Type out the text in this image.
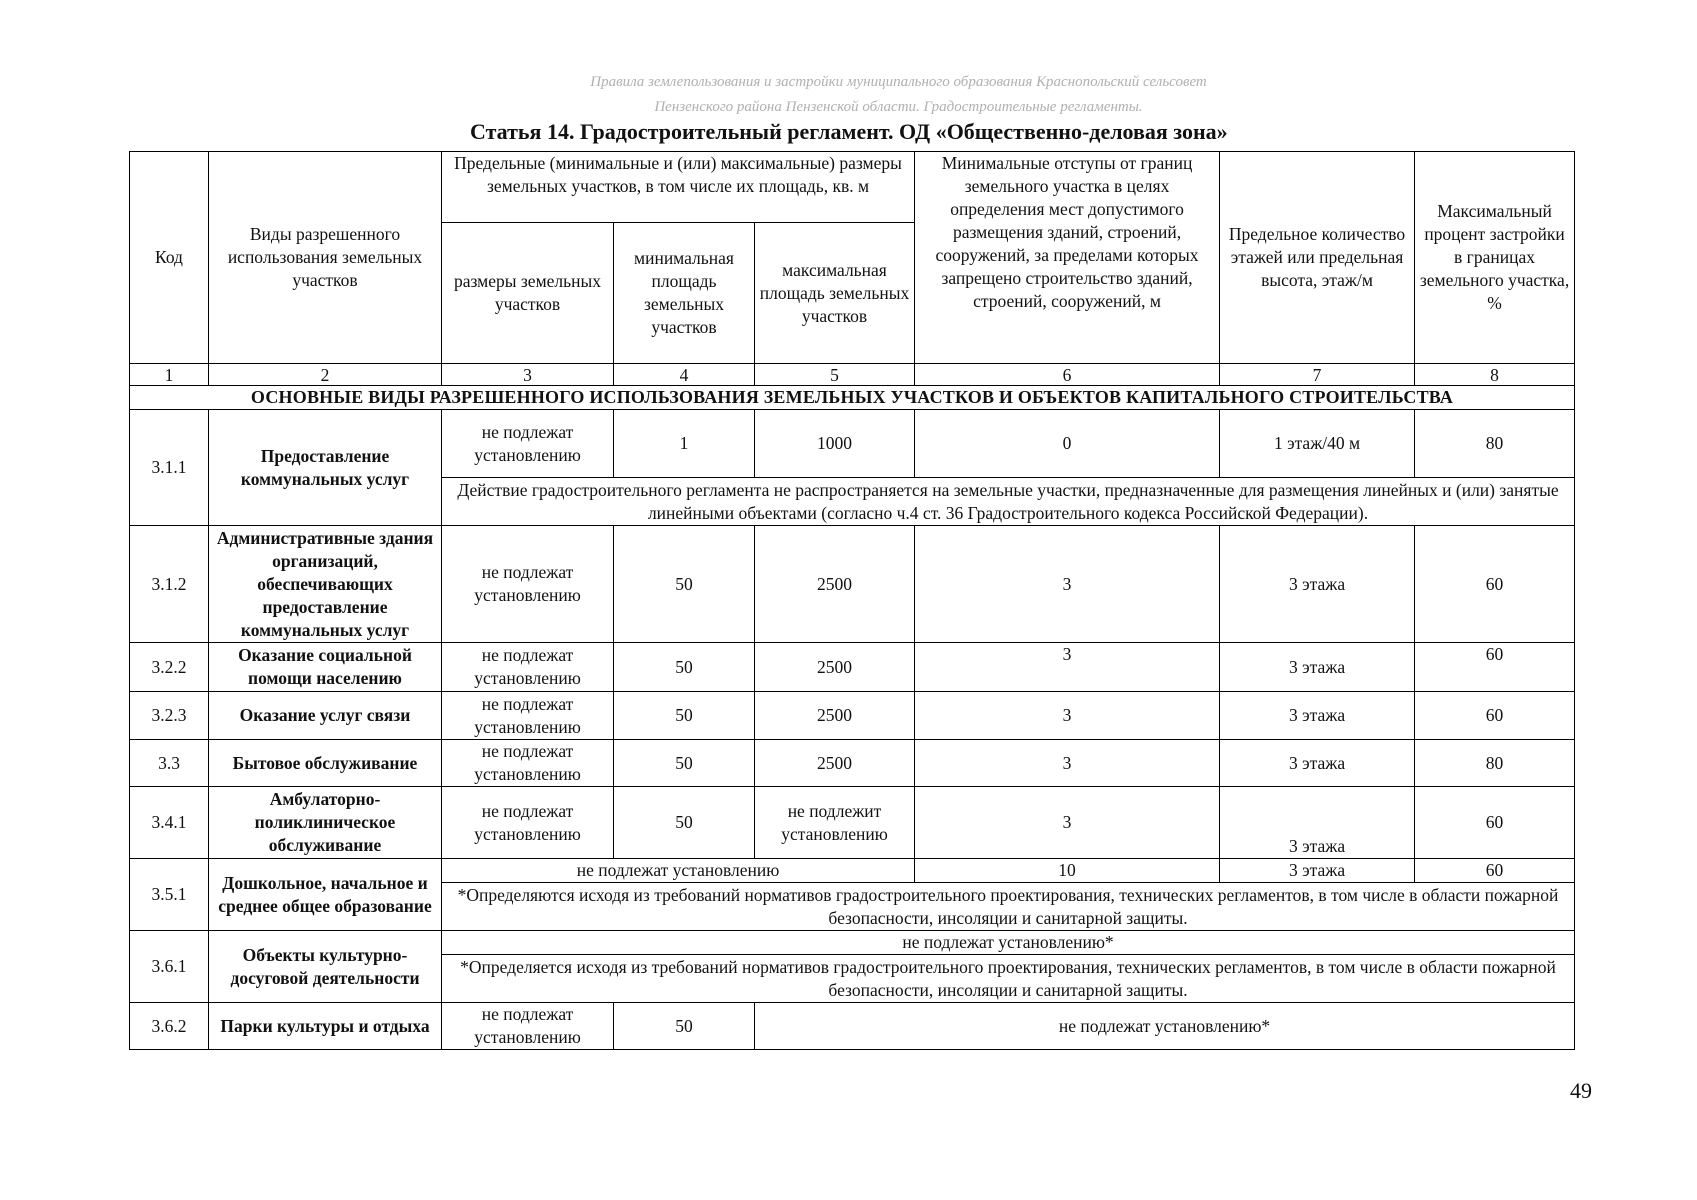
Правила землепользования и застройки муниципального образования Краснопольский сельсовет
Пензенского района Пензенской области. Градостроительные регламенты.
Статья 14. Градостроительный регламент. ОД «Общественно-деловая зона»
Код	Виды разрешенного использования земельных участков	Предельные (минимальные и (или) максимальные) размеры земельных участков, в том числе их площадь, кв. м			Минимальные отступы от границ земельного участка в целях определения мест допустимого размещения зданий, строений, сооружений, за пределами которых запрещено строительство зданий, строений, сооружений, м	Предельное количество этажей или предельная высота, этаж/м	Максимальный процент застройки в границах земельного участка, %
		размеры земельных участков	минимальная площадь земельных участков	максимальная площадь земельных участков			
1	2	3	4	5	6	7	8
ОСНОВНЫЕ ВИДЫ РАЗРЕШЕННОГО ИСПОЛЬЗОВАНИЯ ЗЕМЕЛЬНЫХ УЧАСТКОВ И ОБЪЕКТОВ КАПИТАЛЬНОГО СТРОИТЕЛЬСТВА							
3.1.1	Предоставление коммунальных услуг	не подлежат установлению	1	1000	0	1 этаж/40 м	80
		Действие градостроительного регламента не распространяется на земельные участки, предназначенные для размещения линейных и (или) занятые линейными объектами (согласно ч.4 ст. 36 Градостроительного кодекса Российской Федерации).					
3.1.2	Административные здания организаций, обеспечивающих предоставление коммунальных услуг	не подлежат установлению	50	2500	3	3 этажа	60
3.2.2	Оказание социальной помощи населению	не подлежат установлению	50	2500	3	3 этажа	60
3.2.3	Оказание услуг связи	не подлежат установлению	50	2500	3	3 этажа	60
3.3	Бытовое обслуживание	не подлежат установлению	50	2500	3	3 этажа	80
3.4.1	Амбулаторно-поликлиническое обслуживание	не подлежат установлению	50	не подлежит установлению	3	3 этажа	60
3.5.1	Дошкольное, начальное и среднее общее образование	не подлежат установлению			10	3 этажа	60
		*Определяются исходя из требований нормативов градостроительного проектирования, технических регламентов, в том числе в области пожарной безопасности, инсоляции и санитарной защиты.					
3.6.1	Объекты культурно-досуговой деятельности	не подлежат установлению*					
		*Определяется исходя из требований нормативов градостроительного проектирования, технических регламентов, в том числе в области пожарной безопасности, инсоляции и санитарной защиты.					
3.6.2	Парки культуры и отдыха	не подлежат установлению	50	не подлежат установлению*			
49
